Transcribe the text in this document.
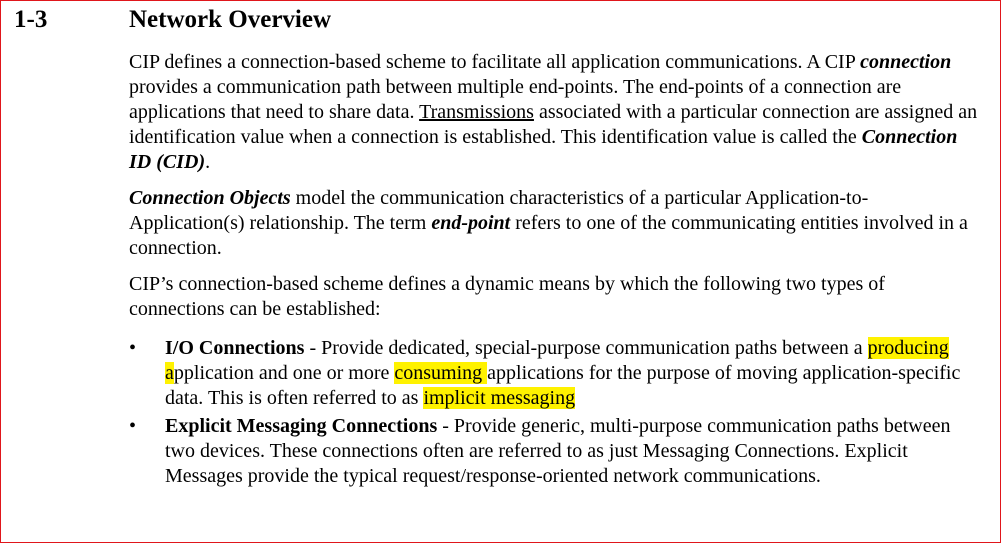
1-3	Network Overview

CIP defines a connection-based scheme to facilitate all application communications. A CIP connection provides a communication path between multiple end-points. The end-points of a connection are applications that need to share data. Transmissions associated with a particular connection are assigned an identification value when a connection is established. This identification value is called the Connection ID (CID).

Connection Objects model the communication characteristics of a particular Application-to-Application(s) relationship. The term end-point refers to one of the communicating entities involved in a connection.

CIP’s connection-based scheme defines a dynamic means by which the following two types of connections can be established:

• I/O Connections - Provide dedicated, special-purpose communication paths between a producing application and one or more consuming applications for the purpose of moving application-specific data. This is often referred to as implicit messaging
• Explicit Messaging Connections - Provide generic, multi-purpose communication paths between two devices. These connections often are referred to as just Messaging Connections. Explicit Messages provide the typical request/response-oriented network communications.
